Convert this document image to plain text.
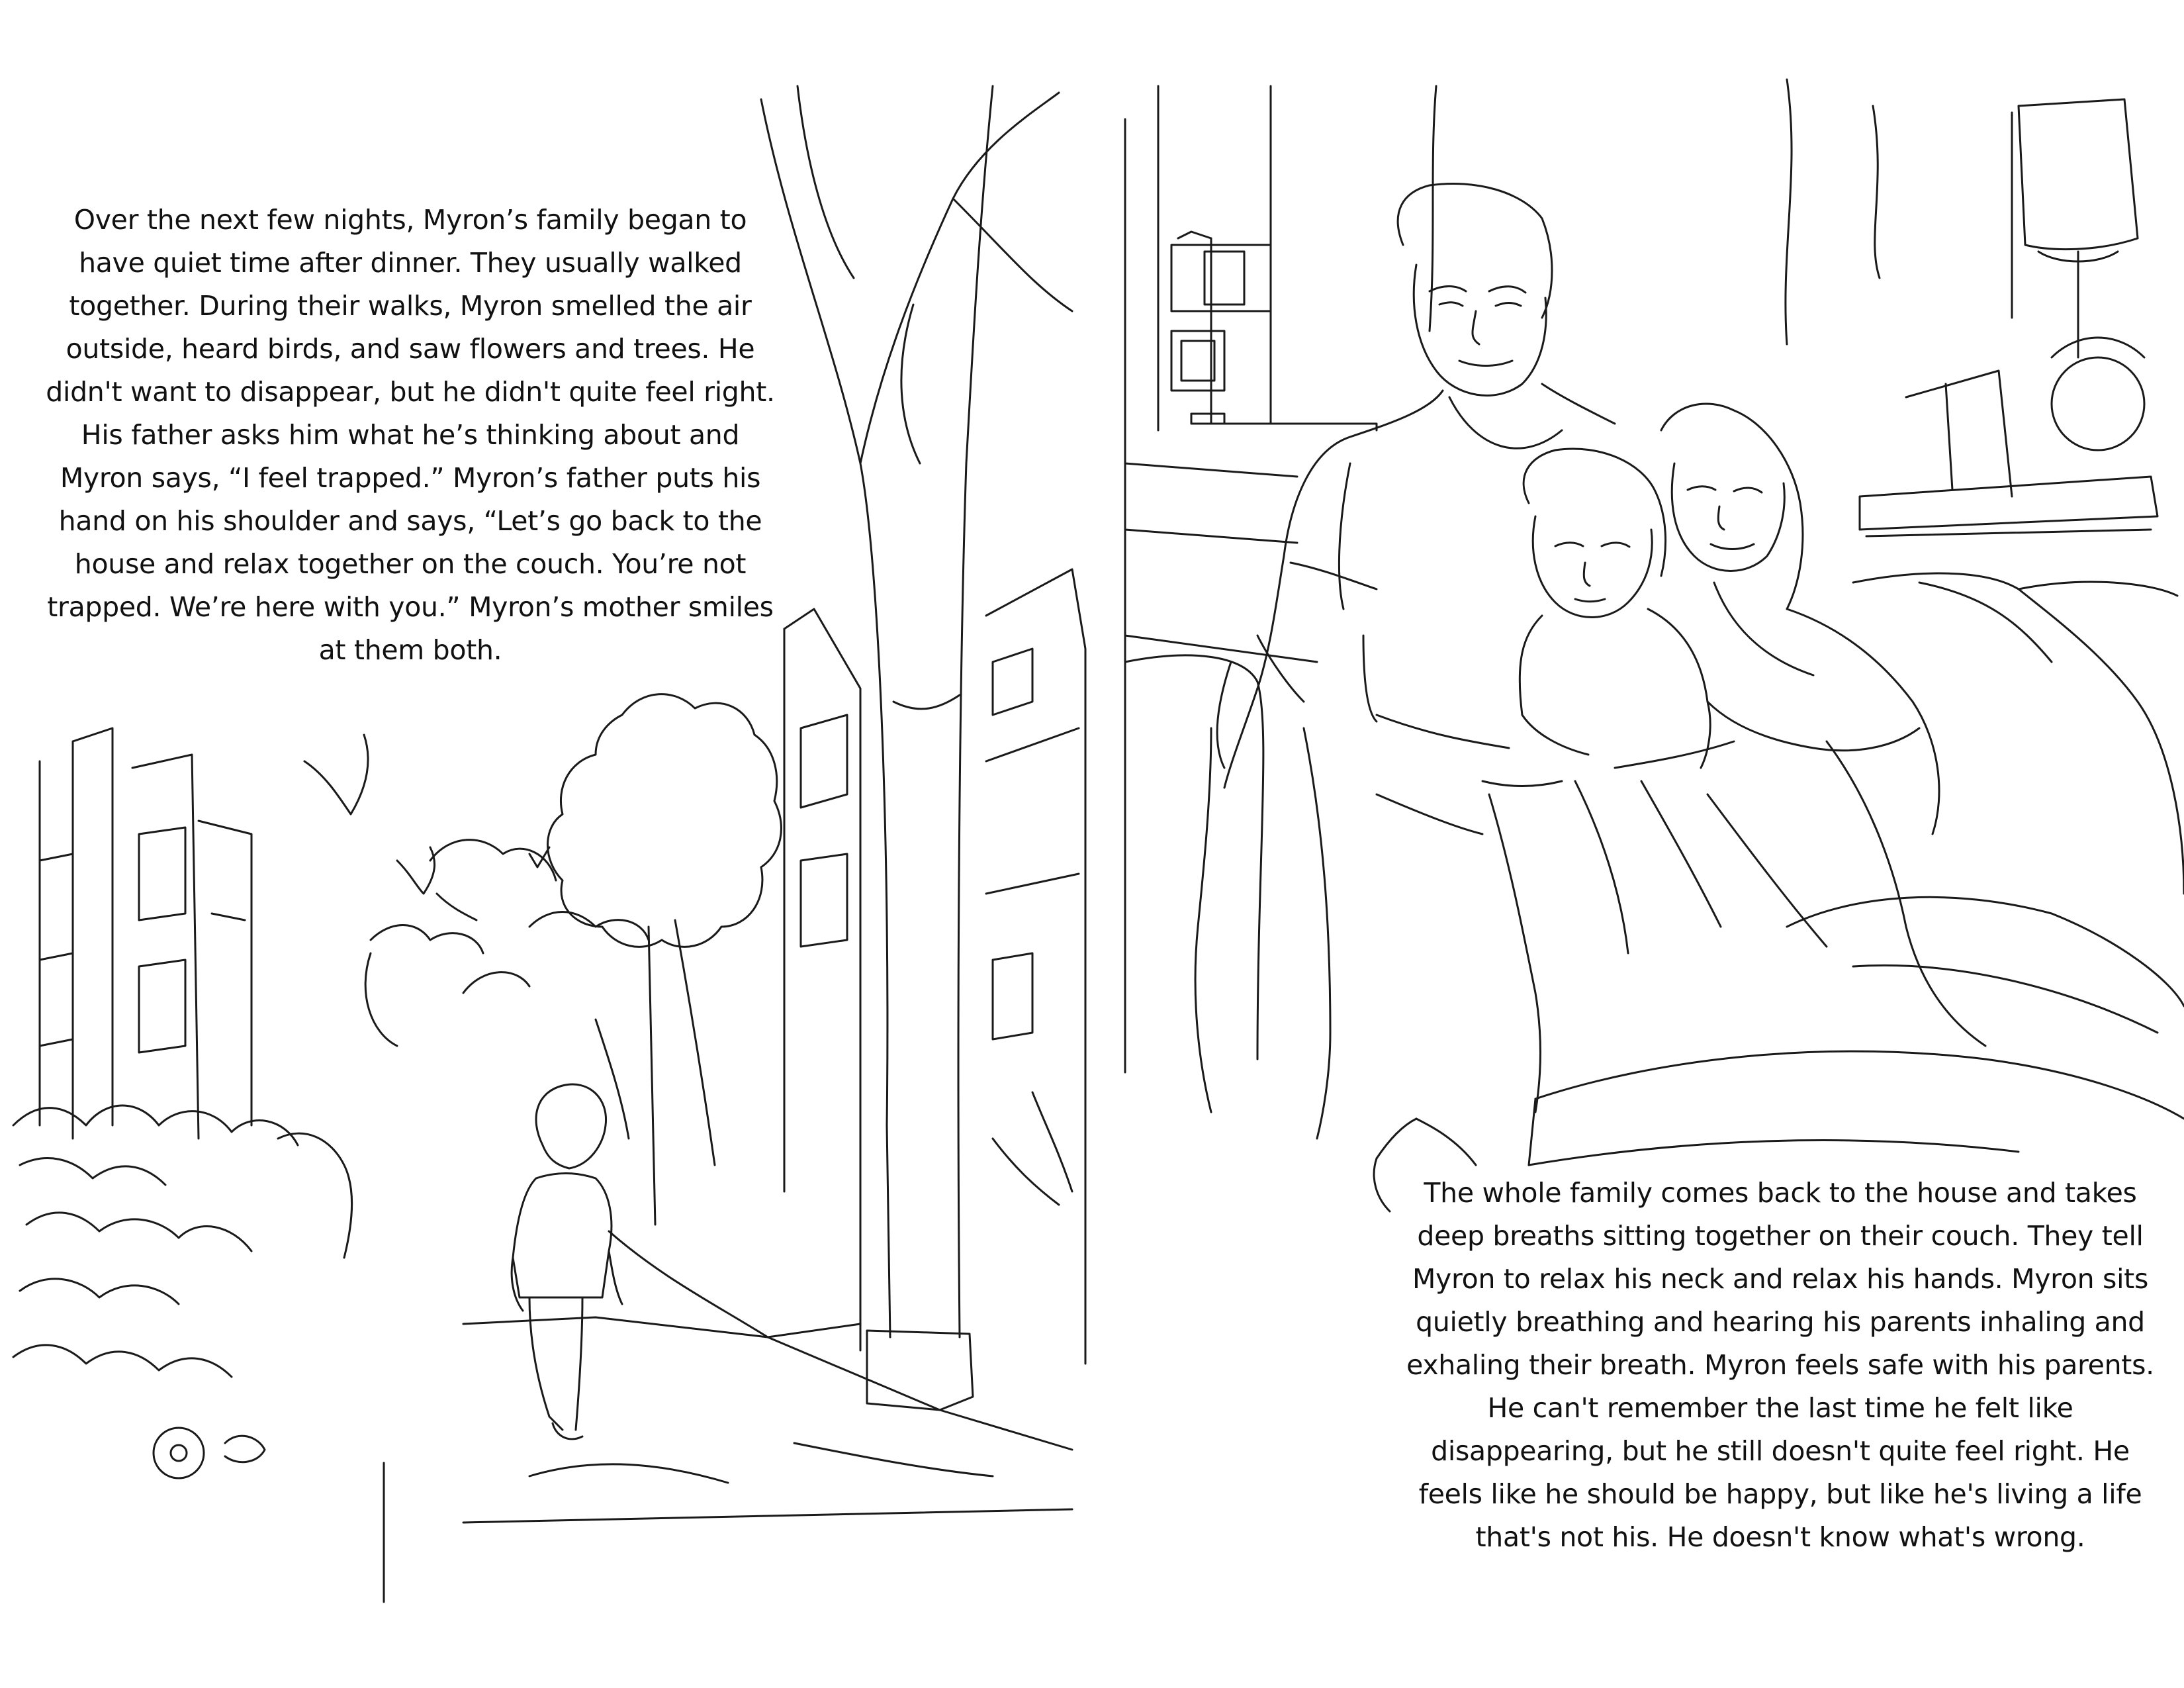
Over the next few nights, Myron’s family began to have quiet time after dinner. They usually walked together. During their walks, Myron smelled the air outside, heard birds, and saw flowers and trees. He didn't want to disappear, but he didn't quite feel right. His father asks him what he’s thinking about and Myron says, “I feel trapped.” Myron’s father puts his hand on his shoulder and says, “Let’s go back to the house and relax together on the couch. You’re not trapped. We’re here with you.” Myron’s mother smiles at them both.

The whole family comes back to the house and takes deep breaths sitting together on their couch. They tell Myron to relax his neck and relax his hands. Myron sits quietly breathing and hearing his parents inhaling and exhaling their breath. Myron feels safe with his parents. He can't remember the last time he felt like disappearing, but he still doesn't quite feel right. He feels like he should be happy, but like he's living a life that's not his. He doesn't know what's wrong.
